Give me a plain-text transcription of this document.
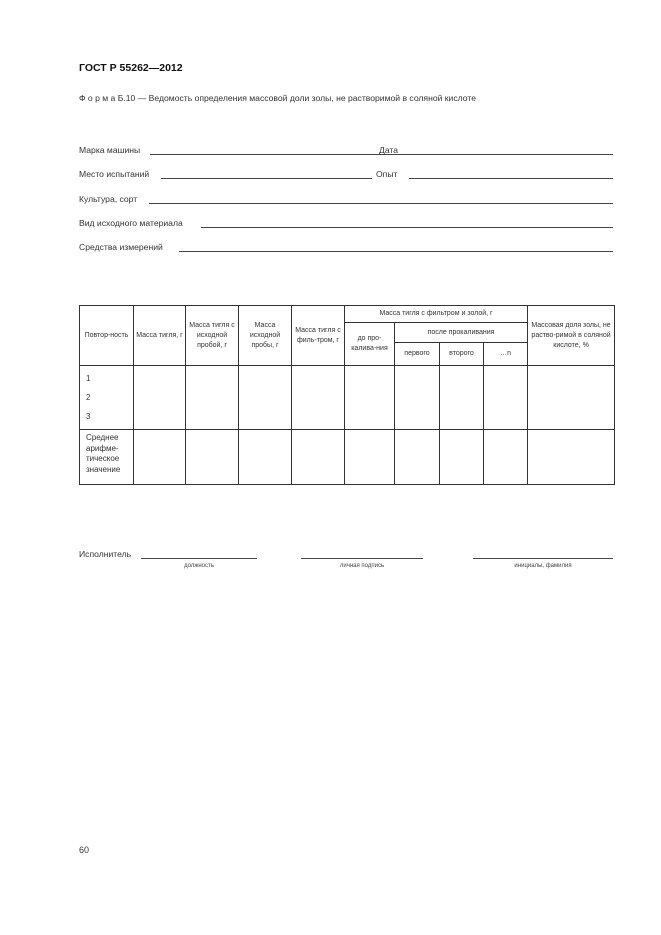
ГОСТ Р 55262—2012
Ф о р м а Б.10 — Ведомость определения массовой доли золы, не растворимой в соляной кислоте
Марка машины	Дата
Место испытаний	Опыт
Культура, сорт
Вид исходного материала
Средства измерений
Повтор-ность	Масса тигля, г	Масса тигля с исходной пробой, г	Масса исходной пробы, г	Масса тигля с филь-тром, г	Масса тигля с фильтром и золой, г				Массовая доля золы, не раство-римой в соляной кислоте, %
					до про-калива-ния	после прокаливания			
						первого	второго	…n	

1
2
3									

Среднее арифме-тическое значение									
Исполнитель
должность	личная подпись	инициалы, фамилия
60
